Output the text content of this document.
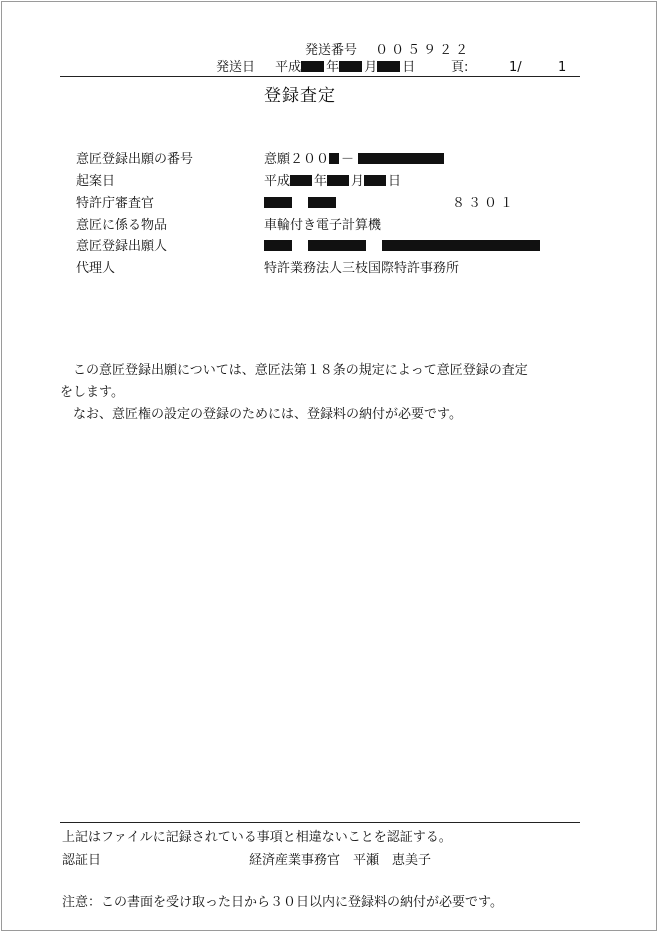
発送番号 ００５９２２
発送日 平成 年 月 日	頁:	1/	1
登録査定
意匠登録出願の番号	意願２００ －
起案日	平成 年 月 日
特許庁審査官	８３０１
意匠に係る物品	車輪付き電子計算機
意匠登録出願人
代理人	特許業務法人三枝国際特許事務所
　この意匠登録出願については、意匠法第１８条の規定によって意匠登録の査定
をします。
　なお、意匠権の設定の登録のためには、登録料の納付が必要です。
上記はファイルに記録されている事項と相違ないことを認証する。
認証日	経済産業事務官　平瀬　恵美子
注意：この書面を受け取った日から３０日以内に登録料の納付が必要です。
